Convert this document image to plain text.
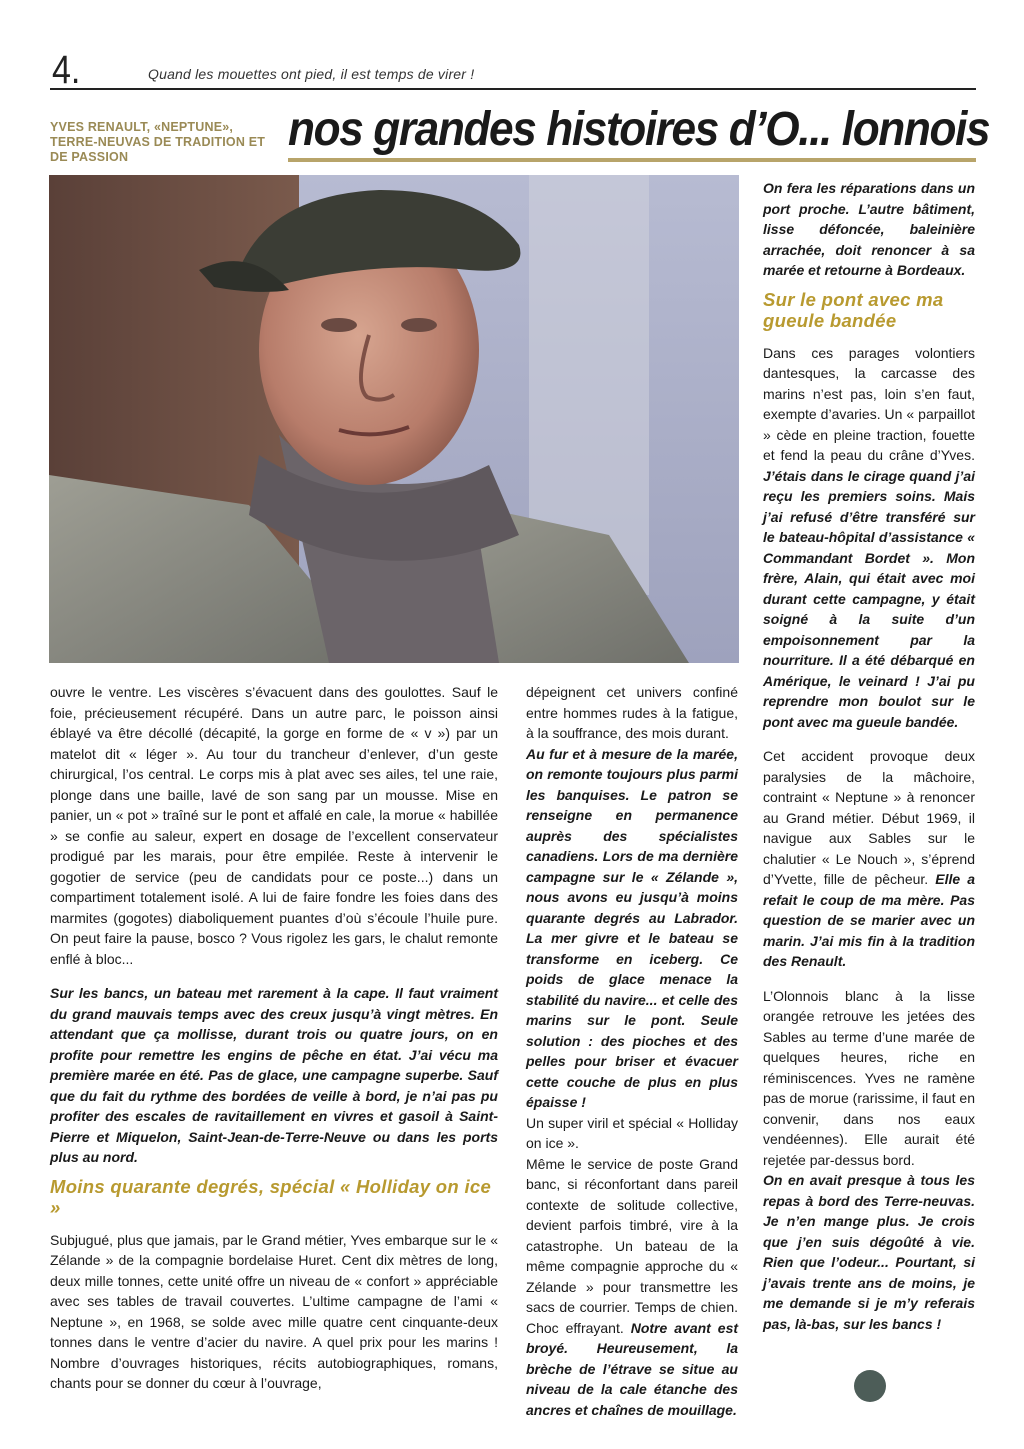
4.	Quand les mouettes ont pied, il est temps de virer !
YVES RENAULT, «NEPTUNE», TERRE-NEUVAS DE TRADITION ET DE PASSION
nos grandes histoires d’O... lonnois

ouvre le ventre. Les viscères s’évacuent dans des goulottes. Sauf le foie, précieusement récupéré. Dans un autre parc, le poisson ainsi éblayé va être décollé (décapité, la gorge en forme de « v ») par un matelot dit « léger ». Au tour du trancheur d’enlever, d’un geste chirurgical, l’os central. Le corps mis à plat avec ses ailes, tel une raie, plonge dans une baille, lavé de son sang par un mousse. Mise en panier, un « pot » traîné sur le pont et affalé en cale, la morue « habillée » se confie au saleur, expert en dosage de l’excellent conservateur prodigué par les marais, pour être empilée. Reste à intervenir le gogotier de service (peu de candidats pour ce poste...) dans un compartiment totalement isolé. A lui de faire fondre les foies dans des marmites (gogotes) diaboliquement puantes d’où s’écoule l’huile pure. On peut faire la pause, bosco ? Vous rigolez les gars, le chalut remonte enflé à bloc...

Sur les bancs, un bateau met rarement à la cape. Il faut vraiment du grand mauvais temps avec des creux jusqu’à vingt mètres. En attendant que ça mollisse, durant trois ou quatre jours, on en profite pour remettre les engins de pêche en état. J’ai vécu ma première marée en été. Pas de glace, une campagne superbe. Sauf que du fait du rythme des bordées de veille à bord, je n’ai pas pu profiter des escales de ravitaillement en vivres et gasoil à Saint-Pierre et Miquelon, Saint-Jean-de-Terre-Neuve ou dans les ports plus au nord.

Moins quarante degrés, spécial « Holliday on ice »

Subjugué, plus que jamais, par le Grand métier, Yves embarque sur le « Zélande » de la compagnie bordelaise Huret. Cent dix mètres de long, deux mille tonnes, cette unité offre un niveau de « confort » appréciable avec ses tables de travail couvertes. L’ultime campagne de l’ami « Neptune », en 1968, se solde avec mille quatre cent cinquante-deux tonnes dans le ventre d’acier du navire. A quel prix pour les marins ! Nombre d’ouvrages historiques, récits autobiographiques, romans, chants pour se donner du cœur à l’ouvrage,

dépeignent cet univers confiné entre hommes rudes à la fatigue, à la souffrance, des mois durant.

Au fur et à mesure de la marée, on remonte toujours plus parmi les banquises. Le patron se renseigne en permanence auprès des spécialistes canadiens. Lors de ma dernière campagne sur le « Zélande », nous avons eu jusqu’à moins quarante degrés au Labrador. La mer givre et le bateau se transforme en iceberg. Ce poids de glace menace la stabilité du navire... et celle des marins sur le pont. Seule solution : des pioches et des pelles pour briser et évacuer cette couche de plus en plus épaisse !

Un super viril et spécial « Holliday on ice ».

Même le service de poste Grand banc, si réconfortant dans pareil contexte de solitude collective, devient parfois timbré, vire à la catastrophe. Un bateau de la même compagnie approche du « Zélande » pour transmettre les sacs de courrier. Temps de chien. Choc effrayant. Notre avant est broyé. Heureusement, la brèche de l’étrave se situe au niveau de la cale étanche des ancres et chaînes de mouillage.

On fera les réparations dans un port proche. L’autre bâtiment, lisse défoncée, baleinière arrachée, doit renoncer à sa marée et retourne à Bordeaux.

Sur le pont avec ma gueule bandée

Dans ces parages volontiers dantesques, la carcasse des marins n’est pas, loin s’en faut, exempte d’avaries. Un « parpaillot » cède en pleine traction, fouette et fend la peau du crâne d’Yves. J’étais dans le cirage quand j’ai reçu les premiers soins. Mais j’ai refusé d’être transféré sur le bateau-hôpital d’assistance « Commandant Bordet ». Mon frère, Alain, qui était avec moi durant cette campagne, y était soigné à la suite d’un empoisonnement par la nourriture. Il a été débarqué en Amérique, le veinard ! J’ai pu reprendre mon boulot sur le pont avec ma gueule bandée.

Cet accident provoque deux paralysies de la mâchoire, contraint « Neptune » à renoncer au Grand métier. Début 1969, il navigue aux Sables sur le chalutier « Le Nouch », s’éprend d’Yvette, fille de pêcheur. Elle a refait le coup de ma mère. Pas question de se marier avec un marin. J’ai mis fin à la tradition des Renault.

L’Olonnois blanc à la lisse orangée retrouve les jetées des Sables au terme d’une marée de quelques heures, riche en réminiscences. Yves ne ramène pas de morue (rarissime, il faut en convenir, dans nos eaux vendéennes). Elle aurait été rejetée par-dessus bord.

On en avait presque à tous les repas à bord des Terre-neuvas. Je n’en mange plus. Je crois que j’en suis dégoûté à vie. Rien que l’odeur... Pourtant, si j’avais trente ans de moins, je me demande si je m’y referais pas, là-bas, sur les bancs !
